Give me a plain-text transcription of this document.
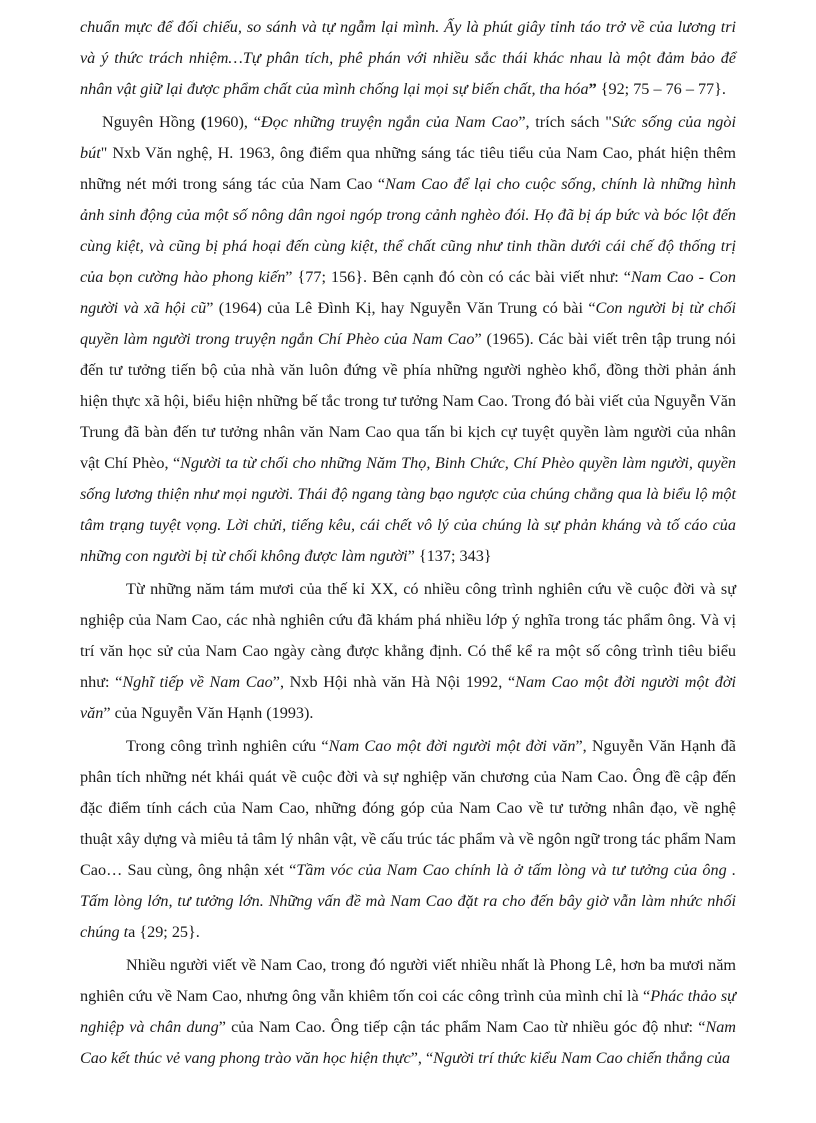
chuẩn mực để đối chiếu, so sánh và tự ngẫm lại mình. Ấy là phút giây tỉnh táo trở về của lương tri và ý thức trách nhiệm…Tự phân tích, phê phán với nhiều sắc thái khác nhau là một đảm bảo để nhân vật giữ lại được phẩm chất của mình chống lại mọi sự biến chất, tha hóa” {92; 75 – 76 – 77}.

Nguyên Hồng (1960), “Đọc những truyện ngắn của Nam Cao”, trích sách "Sức sống của ngòi bút" Nxb Văn nghệ, H. 1963, ông điểm qua những sáng tác tiêu tiểu của Nam Cao, phát hiện thêm những nét mới trong sáng tác của Nam Cao “Nam Cao để lại cho cuộc sống, chính là những hình ảnh sinh động của một số nông dân ngoi ngóp trong cảnh nghèo đói. Họ đã bị áp bức và bóc lột đến cùng kiệt, và cũng bị phá hoại đến cùng kiệt, thể chất cũng như tinh thần dưới cái chế độ thống trị của bọn cường hào phong kiến” {77; 156}. Bên cạnh đó còn có các bài viết như: “Nam Cao - Con người và xã hội cũ” (1964) của Lê Đình Kị, hay Nguyễn Văn Trung có bài “Con người bị từ chối quyền làm người trong truyện ngắn Chí Phèo của Nam Cao” (1965). Các bài viết trên tập trung nói đến tư tưởng tiến bộ của nhà văn luôn đứng về phía những người nghèo khổ, đồng thời phản ánh hiện thực xã hội, biểu hiện những bế tắc trong tư tưởng Nam Cao. Trong đó bài viết của Nguyễn Văn Trung đã bàn đến tư tưởng nhân văn Nam Cao qua tấn bi kịch cự tuyệt quyền làm người của nhân vật Chí Phèo, “Người ta từ chối cho những Năm Thọ, Binh Chức, Chí Phèo quyền làm người, quyền sống lương thiện như mọi người. Thái độ ngang tàng bạo ngược của chúng chẳng qua là biểu lộ một tâm trạng tuyệt vọng. Lời chửi, tiếng kêu, cái chết vô lý của chúng là sự phản kháng và tố cáo của những con người bị từ chối không được làm người” {137; 343}

Từ những năm tám mươi của thế kỉ XX, có nhiều công trình nghiên cứu về cuộc đời và sự nghiệp của Nam Cao, các nhà nghiên cứu đã khám phá nhiều lớp ý nghĩa trong tác phẩm ông. Và vị trí văn học sử của Nam Cao ngày càng được khẳng định. Có thể kể ra một số công trình tiêu biểu như: “Nghĩ tiếp về Nam Cao”, Nxb Hội nhà văn Hà Nội 1992, “Nam Cao một đời người một đời văn” của Nguyễn Văn Hạnh (1993).

Trong công trình nghiên cứu “Nam Cao một đời người một đời văn”, Nguyễn Văn Hạnh đã phân tích những nét khái quát về cuộc đời và sự nghiệp văn chương của Nam Cao. Ông đề cập đến đặc điểm tính cách của Nam Cao, những đóng góp của Nam Cao về tư tưởng nhân đạo, về nghệ thuật xây dựng và miêu tả tâm lý nhân vật, về cấu trúc tác phẩm và về ngôn ngữ trong tác phẩm Nam Cao… Sau cùng, ông nhận xét “Tầm vóc của Nam Cao chính là ở tấm lòng và tư tưởng của ông . Tấm lòng lớn, tư tưởng lớn. Những vấn đề mà Nam Cao đặt ra cho đến bây giờ vẫn làm nhức nhối chúng ta {29; 25}.

Nhiều người viết về Nam Cao, trong đó người viết nhiều nhất là Phong Lê, hơn ba mươi năm nghiên cứu về Nam Cao, nhưng ông vẫn khiêm tốn coi các công trình của mình chỉ là “Phác thảo sự nghiệp và chân dung” của Nam Cao. Ông tiếp cận tác phẩm Nam Cao từ nhiều góc độ như: “Nam Cao kết thúc vẻ vang phong trào văn học hiện thực”, “Người trí thức kiểu Nam Cao chiến thắng của
